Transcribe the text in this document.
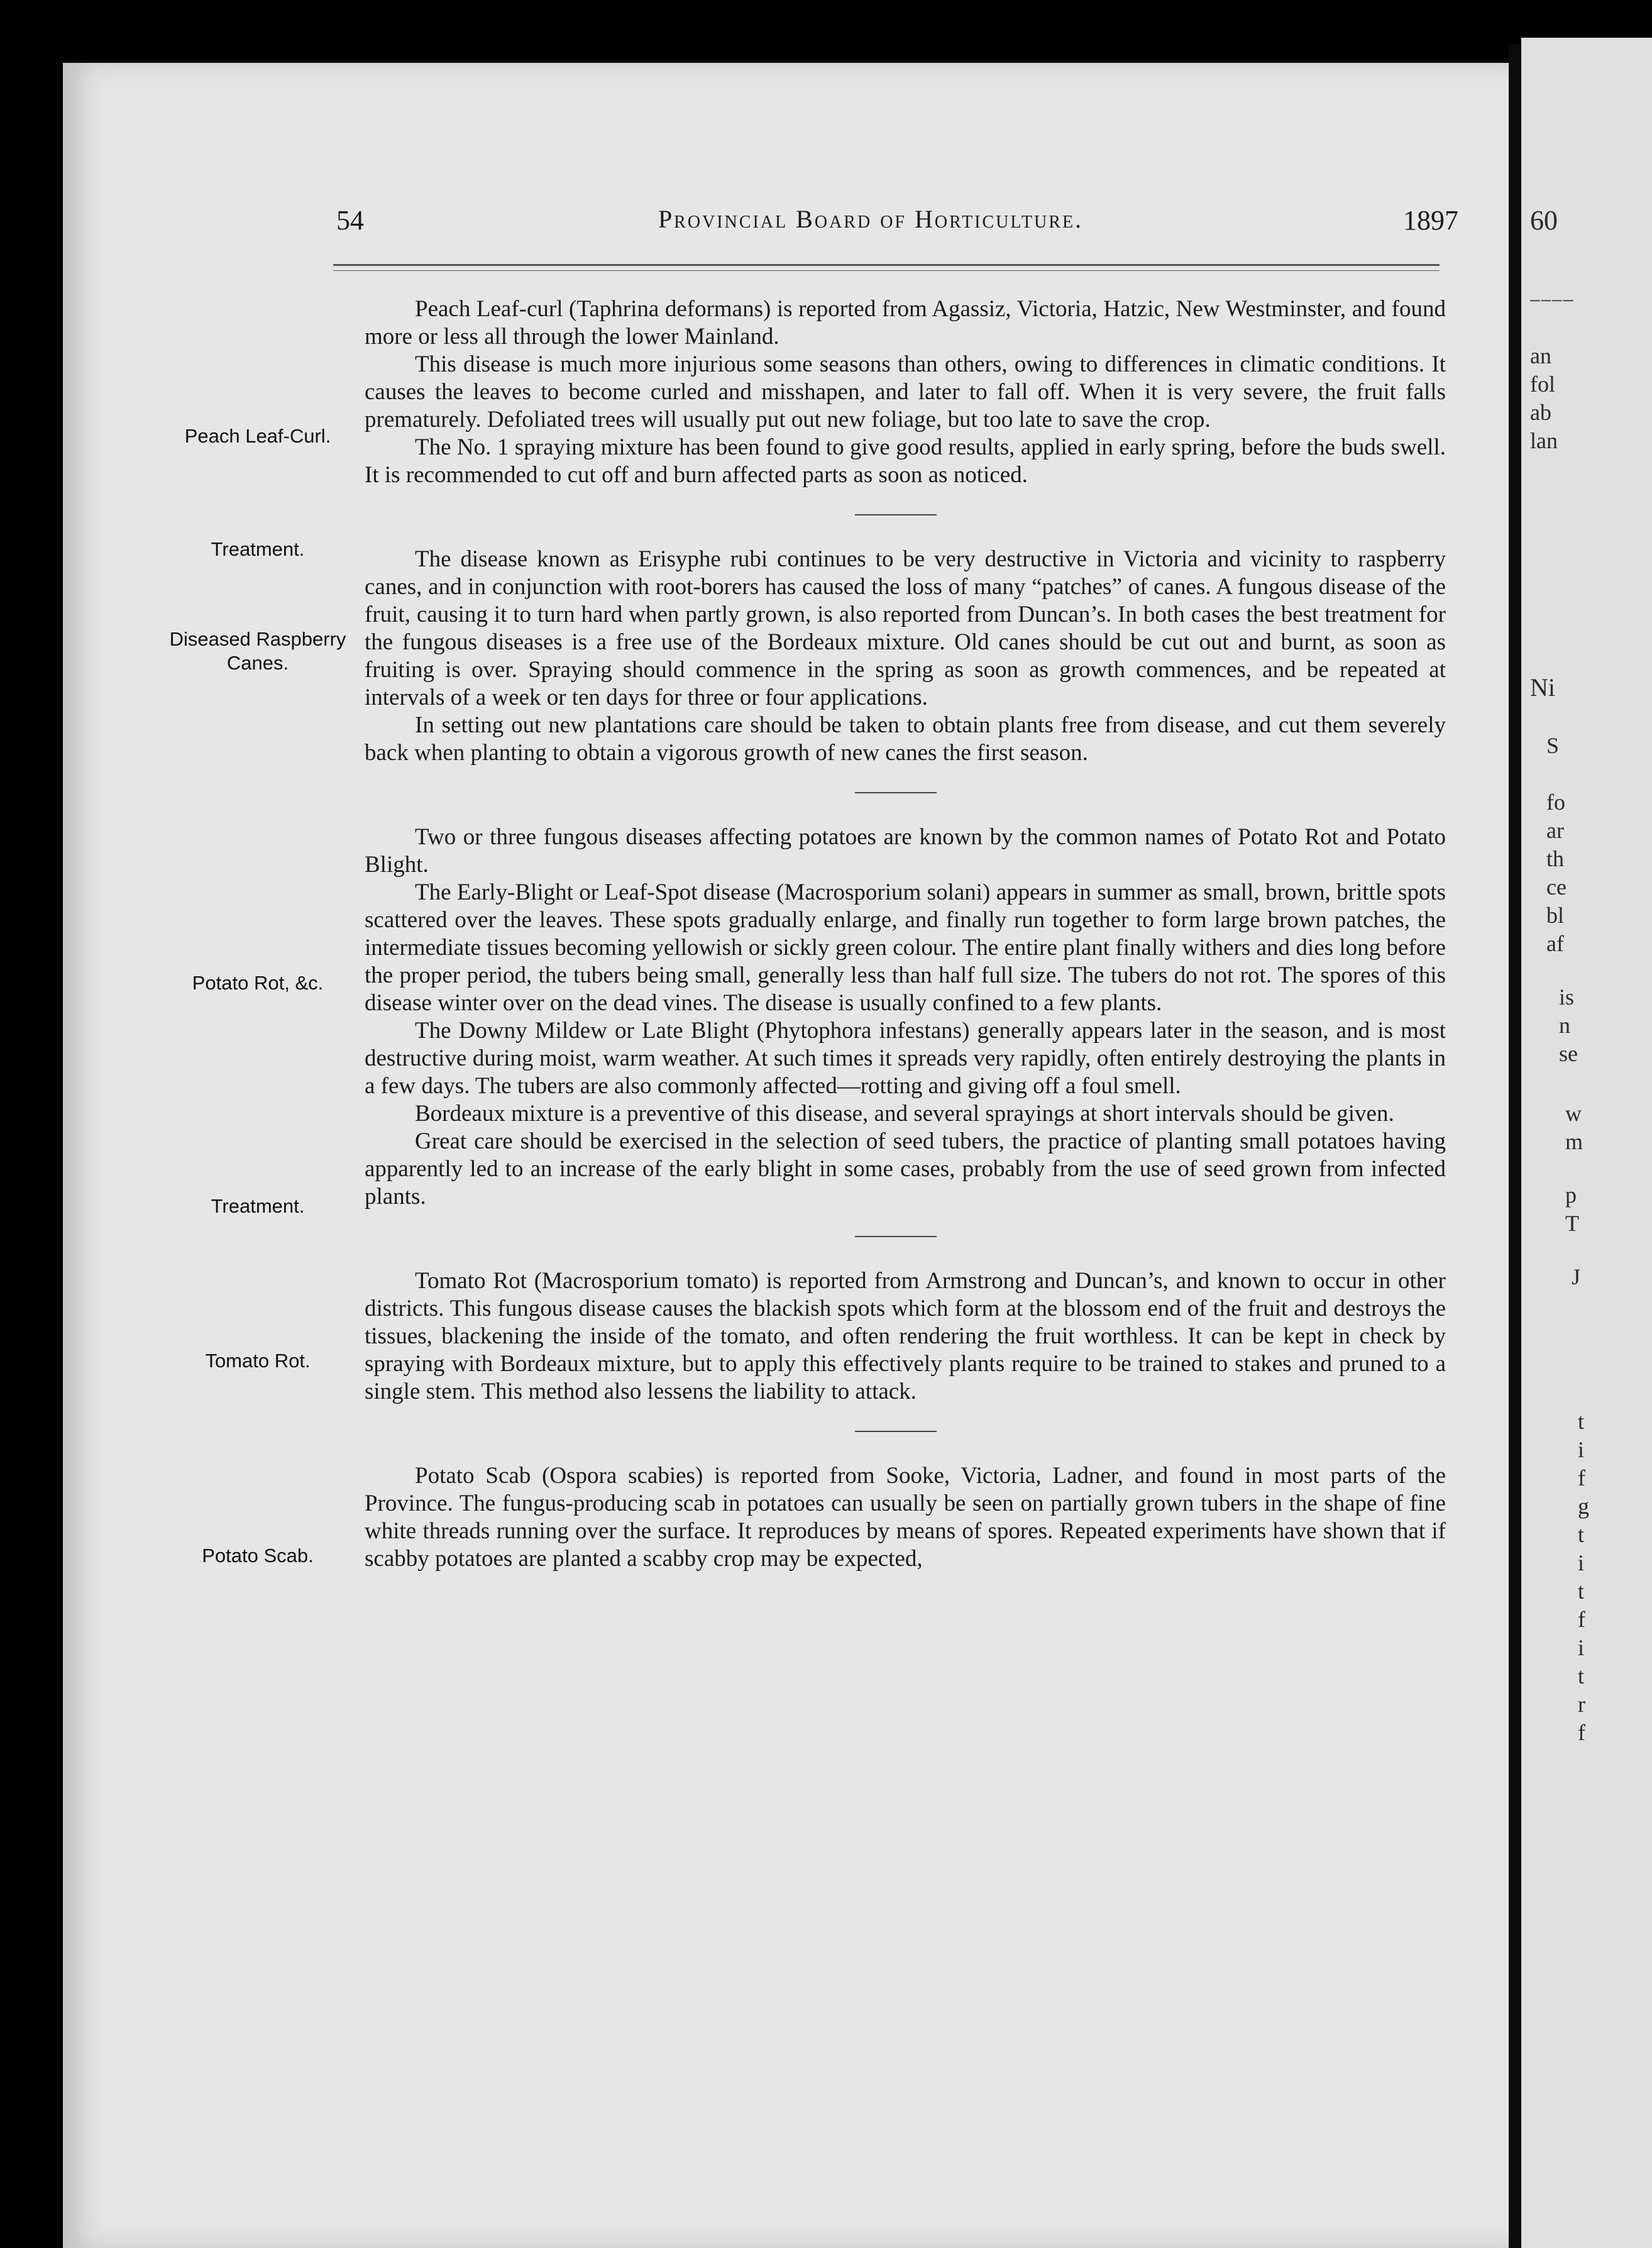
60
────
an
fol
ab
lan
Ni
S
fo
ar
th
ce
bl
af
is
n
se
w
m
p
T
J
t
i
f
g
t
i
t
f
i
t
r
f
54	Provincial Board of Horticulture.	1897
Peach Leaf-Curl.
Treatment.

Peach Leaf-curl (Taphrina deformans) is reported from Agassiz, Victoria, Hatzic, New Westminster, and found more or less all through the lower Mainland.

This disease is much more injurious some seasons than others, owing to differences in climatic conditions. It causes the leaves to become curled and misshapen, and later to fall off. When it is very severe, the fruit falls prematurely. Defoliated trees will usually put out new foliage, but too late to save the crop.

The No. 1 spraying mixture has been found to give good results, applied in early spring, before the buds swell. It is recommended to cut off and burn affected parts as soon as noticed.

Diseased Raspberry Canes.

The disease known as Erisyphe rubi continues to be very destructive in Victoria and vicinity to raspberry canes, and in conjunction with root-borers has caused the loss of many “patches” of canes. A fungous disease of the fruit, causing it to turn hard when partly grown, is also reported from Duncan’s. In both cases the best treatment for the fungous diseases is a free use of the Bordeaux mixture. Old canes should be cut out and burnt, as soon as fruiting is over. Spraying should commence in the spring as soon as growth commences, and be repeated at intervals of a week or ten days for three or four applications.

In setting out new plantations care should be taken to obtain plants free from disease, and cut them severely back when planting to obtain a vigorous growth of new canes the first season.

Potato Rot, &c.
Treatment.

Two or three fungous diseases affecting potatoes are known by the common names of Potato Rot and Potato Blight.

The Early-Blight or Leaf-Spot disease (Macrosporium solani) appears in summer as small, brown, brittle spots scattered over the leaves. These spots gradually enlarge, and finally run together to form large brown patches, the intermediate tissues becoming yellowish or sickly green colour. The entire plant finally withers and dies long before the proper period, the tubers being small, generally less than half full size. The tubers do not rot. The spores of this disease winter over on the dead vines. The disease is usually confined to a few plants.

The Downy Mildew or Late Blight (Phytophora infestans) generally appears later in the season, and is most destructive during moist, warm weather. At such times it spreads very rapidly, often entirely destroying the plants in a few days. The tubers are also commonly affected—rotting and giving off a foul smell.

Bordeaux mixture is a preventive of this disease, and several sprayings at short intervals should be given.

Great care should be exercised in the selection of seed tubers, the practice of planting small potatoes having apparently led to an increase of the early blight in some cases, probably from the use of seed grown from infected plants.

Tomato Rot.

Tomato Rot (Macrosporium tomato) is reported from Armstrong and Duncan’s, and known to occur in other districts. This fungous disease causes the blackish spots which form at the blossom end of the fruit and destroys the tissues, blackening the inside of the tomato, and often rendering the fruit worthless. It can be kept in check by spraying with Bordeaux mixture, but to apply this effectively plants require to be trained to stakes and pruned to a single stem. This method also lessens the liability to attack.

Potato Scab.

Potato Scab (Ospora scabies) is reported from Sooke, Victoria, Ladner, and found in most parts of the Province. The fungus-producing scab in potatoes can usually be seen on partially grown tubers in the shape of fine white threads running over the surface. It reproduces by means of spores. Repeated experiments have shown that if scabby potatoes are planted a scabby crop may be expected,
